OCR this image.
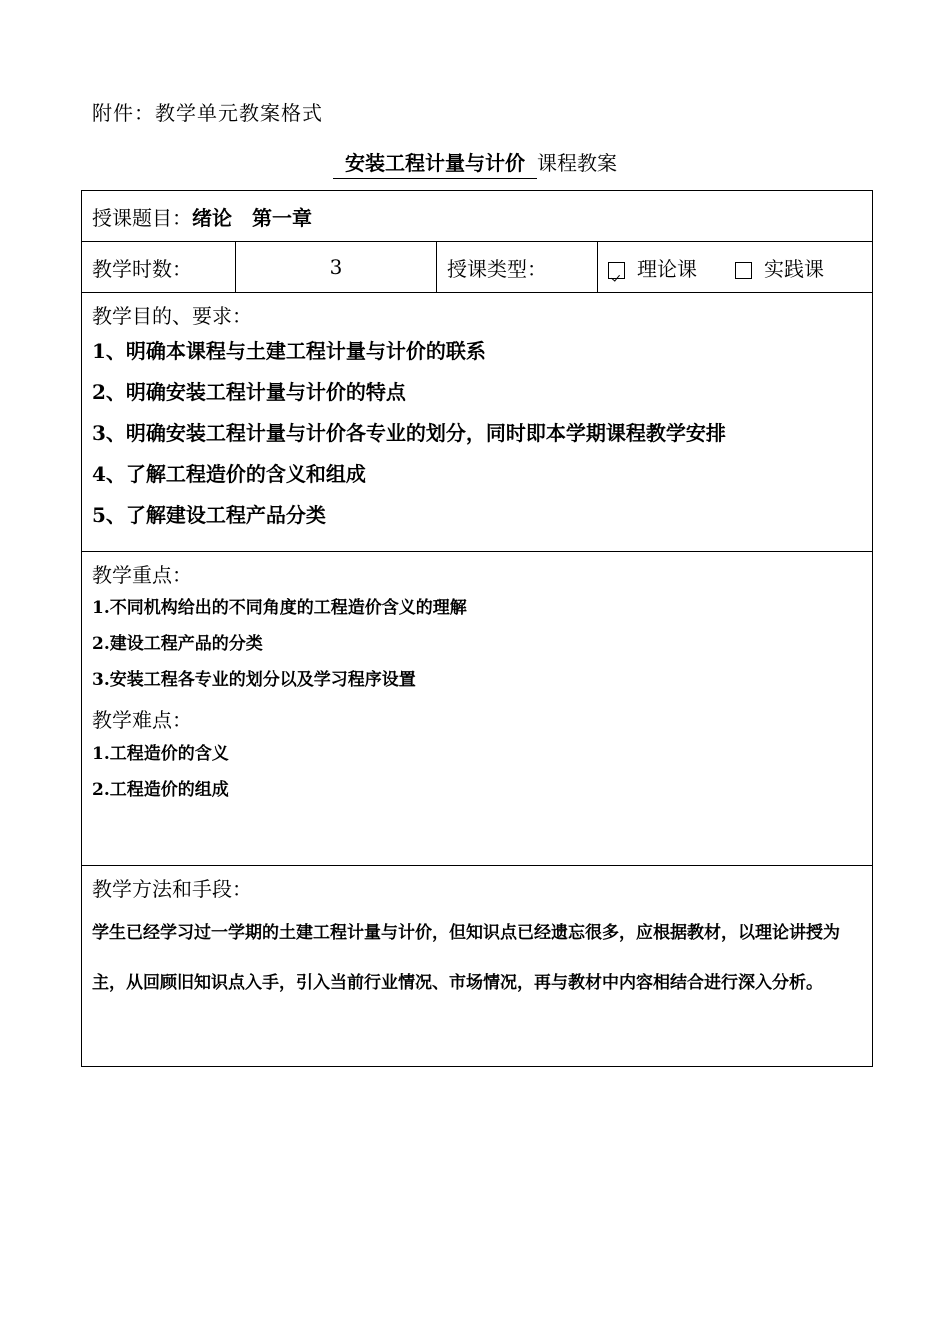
附件：教学单元教案格式
安装工程计量与计价 课程教案
授课题目：绪论　第一章
教学时数：	3	授课类型：	理论课	实践课

教学目的、要求：
1、明确本课程与土建工程计量与计价的联系
2、明确安装工程计量与计价的特点
3、明确安装工程计量与计价各专业的划分，同时即本学期课程教学安排
4、了解工程造价的含义和组成
5、了解建设工程产品分类

教学重点：
1.不同机构给出的不同角度的工程造价含义的理解
2.建设工程产品的分类
3.安装工程各专业的划分以及学习程序设置
教学难点：
1.工程造价的含义
2.工程造价的组成

教学方法和手段：
学生已经学习过一学期的土建工程计量与计价，但知识点已经遗忘很多，应根据教材，以理论讲授为主，从回顾旧知识点入手，引入当前行业情况、市场情况，再与教材中内容相结合进行深入分析。
